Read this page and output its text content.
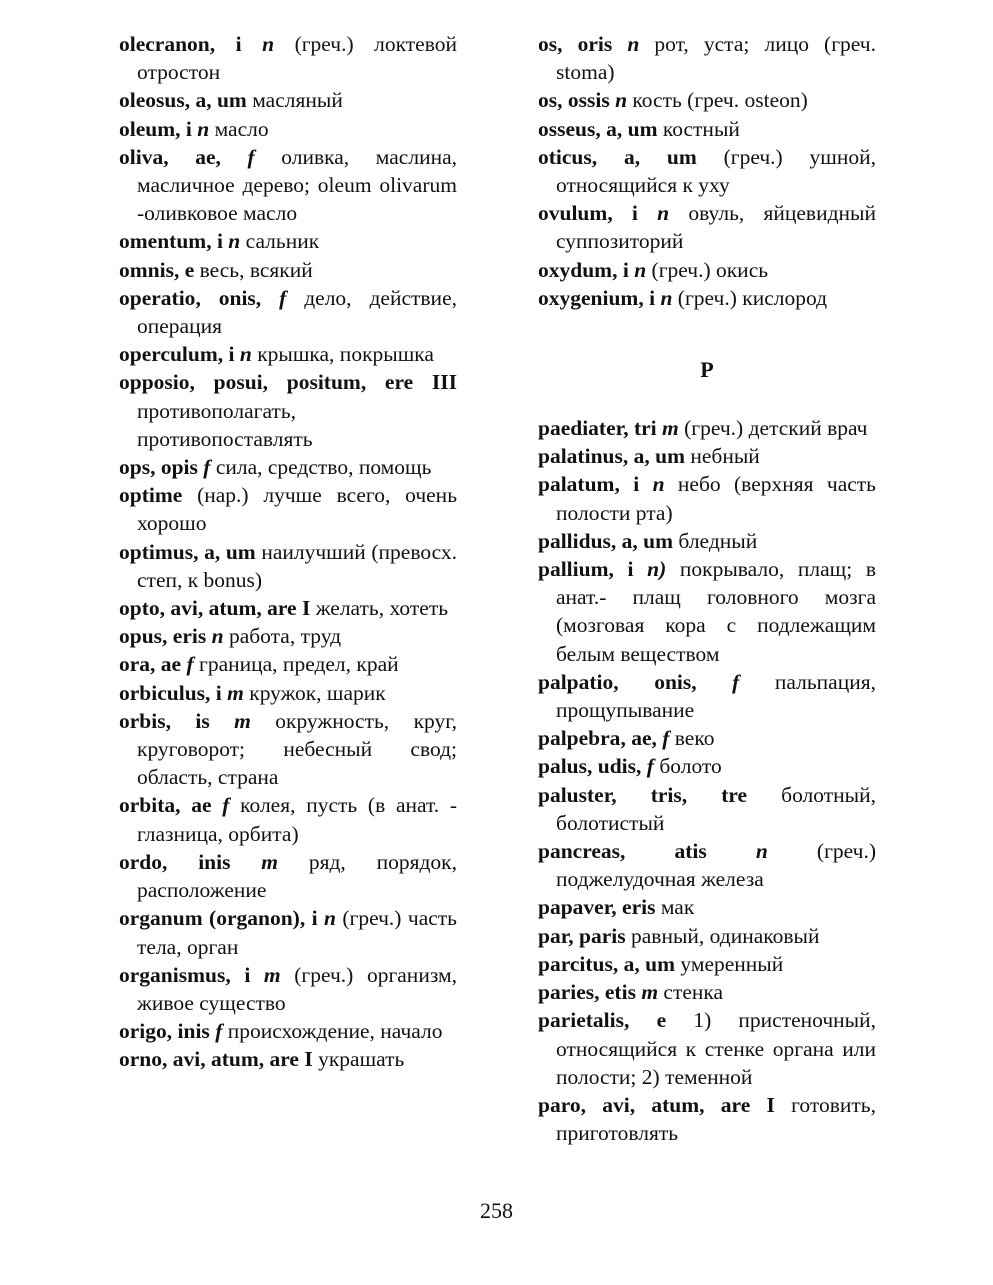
olecranon, i n (греч.) локтевой отростон

oleosus, a, um масляный

oleum, i n масло

oliva, ae, f оливка, маслина, масличное дерево; oleum olivarum -оливковое масло

omentum, i n сальник

omnis, e весь, всякий

operatio, onis, f дело, действие, операция

operculum, i n крышка, покрышка

opposio, posui, positum, ere III противополагать, противопоставлять

ops, opis f сила, средство, помощь

optime (нар.) лучше всего, очень хорошо

optimus, a, um наилучший (превосх. степ, к bonus)

opto, avi, atum, are I желать, хотеть

opus, eris n работа, труд

ora, ae f граница, предел, край

orbiculus, i m кружок, шарик

orbis, is m окружность, круг, круговорот; небесный свод; область, страна

orbita, ae f колея, пусть (в анат. - глазница, орбита)

ordo, inis m ряд, порядок, расположение

organum (organon), i n (греч.) часть тела, орган

organismus, i m (греч.) организм, живое существо

origo, inis f происхождение, начало

orno, avi, atum, are I украшать

os, oris n рот, уста; лицо (греч. stoma)

os, ossis n кость (греч. osteon)

osseus, a, um костный

oticus, a, um (греч.) ушной, относящийся к уху

ovulum, i n овуль, яйцевидный суппозиторий

oxydum, i n (греч.) окись

oxygenium, i n (греч.) кислород

P

paediater, tri m (греч.) детский врач

palatinus, a, um небный

palatum, i n небо (верхняя часть полости рта)

pallidus, a, um бледный

pallium, i n) покрывало, плащ; в анат.- плащ головного мозга (мозговая кора с подлежащим белым веществом

palpatio, onis, f пальпация, прощупывание

palpebra, ae, f веко

palus, udis, f болото

paluster, tris, tre болотный, болотистый

pancreas, atis n (греч.) поджелудочная железа

papaver, eris мак

par, paris равный, одинаковый

parcitus, a, um умеренный

paries, etis m стенка

parietalis, e 1) пристеночный, относящийся к стенке органа или полости; 2) теменной

paro, avi, atum, are I готовить, приготовлять

258
